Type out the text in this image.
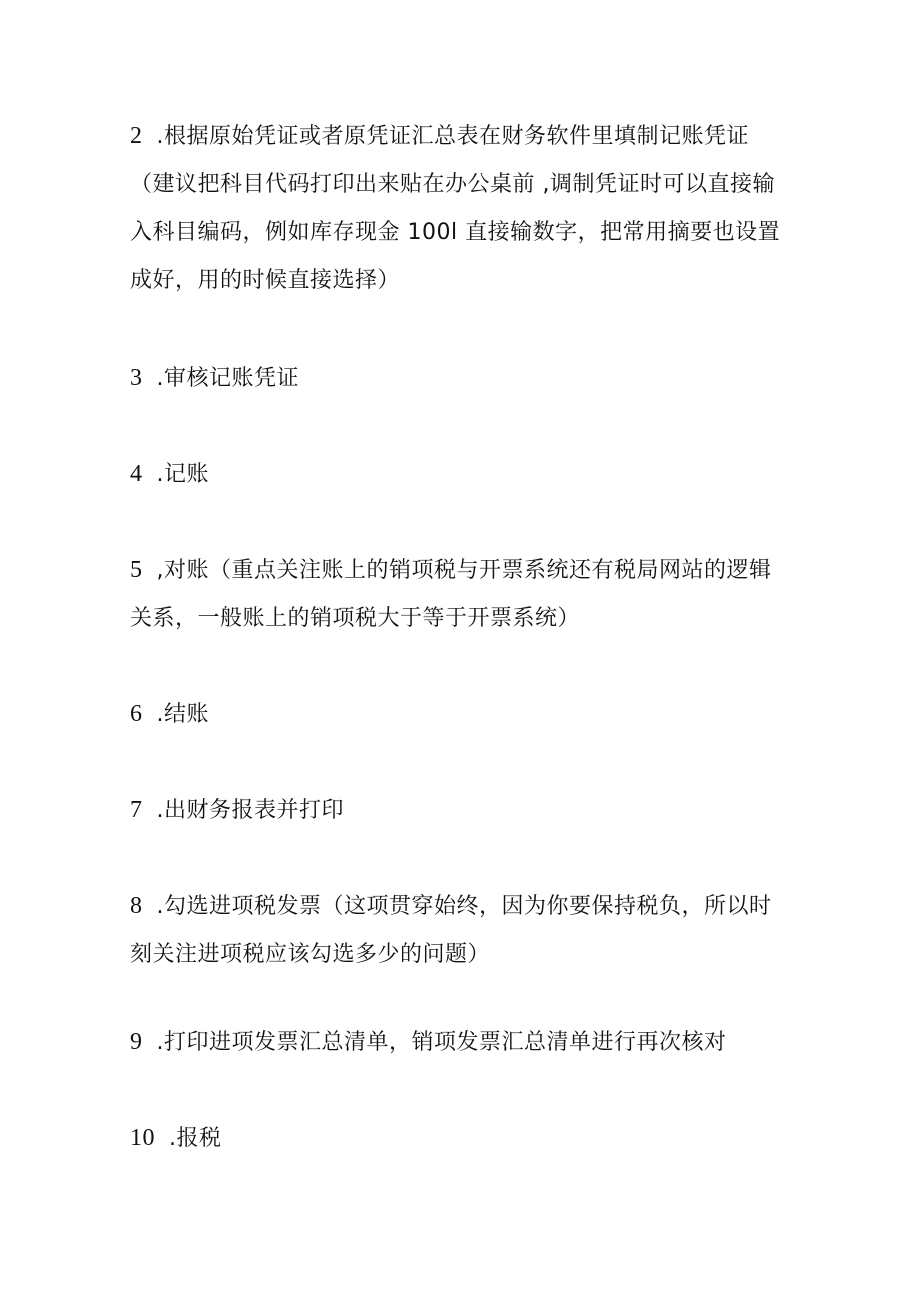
2 .根据原始凭证或者原凭证汇总表在财务软件里填制记账凭证
（建议把科目代码打印出来贴在办公桌前 ,调制凭证时可以直接输
入科目编码，例如库存现金 100l 直接输数字，把常用摘要也设置
成好，用的时候直接选择）
3 .审核记账凭证
4 .记账
5 ,对账（重点关注账上的销项税与开票系统还有税局网站的逻辑
关系，一般账上的销项税大于等于开票系统）
6 .结账
7 .出财务报表并打印
8 .勾选进项税发票（这项贯穿始终，因为你要保持税负，所以时
刻关注进项税应该勾选多少的问题）
9 .打印进项发票汇总清单，销项发票汇总清单进行再次核对
10 .报税
